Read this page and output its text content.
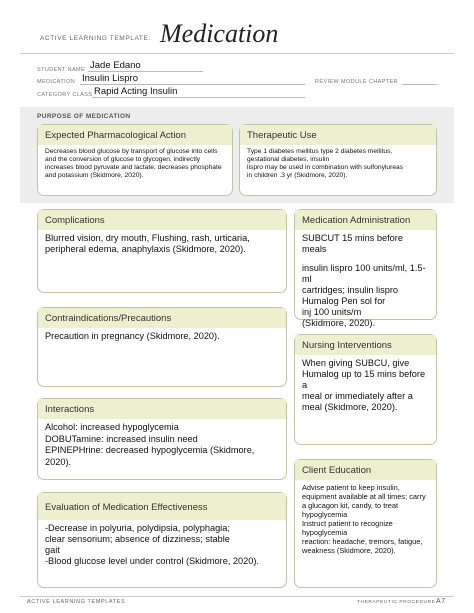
ACTIVE LEARNING TEMPLATE: Medication
STUDENT NAME Jade Edano
MEDICATION Insulin Lispro	REVIEW MODULE CHAPTER
CATEGORY CLASS Rapid Acting Insulin
PURPOSE OF MEDICATION
Expected Pharmacological Action
Decreases blood glucose by transport of glucose into cells
and the conversion of glucose to glycogen, indirectly
increases blood pyruvate and lactate, decreases phosphate
and potassium (Skidmore, 2020).
Therapeutic Use
Type 1 diabetes mellitus type 2 diabetes mellitus,
gestational diabetes, insulin
lispro may be used in combination with sulfonylureas
in children .3 yr (Skidmore, 2020).
Complications
Blurred vision, dry mouth, Flushing, rash, urticaria,
peripheral edema, anaphylaxis (Skidmore, 2020).
Medication Administration
SUBCUT 15 mins before meals
insulin lispro 100 units/ml, 1.5-ml
cartridges; insulin lispro
Humalog Pen sol for
inj 100 units/m
(Skidmore, 2020).
Contraindications/Precautions
Precaution in pregnancy (Skidmore, 2020).
Nursing Interventions
When giving SUBCU, give
Humalog up to 15 mins before a
meal or immediately after a
meal (Skidmore, 2020).
Interactions
Alcohol: increased hypoglycemia
DOBUTamine: increased insulin need
EPINEPHrine: decreased hypoglycemia (Skidmore, 2020).
Client Education
Advise patient to keep insulin,
equipment available at all times; carry
a glucagon kit, candy, to treat
hypoglycemia
Instruct patient to recognize
hypoglycemia
reaction: headache, tremors, fatigue,
weakness (Skidmore, 2020).
Evaluation of Medication Effectiveness
-Decrease in polyuria, polydipsia, polyphagia;
clear sensorium; absence of dizziness; stable
gait
-Blood glucose level under control (Skidmore, 2020).
ACTIVE LEARNING TEMPLATES	THERAPEUTIC PROCEDURE A7
